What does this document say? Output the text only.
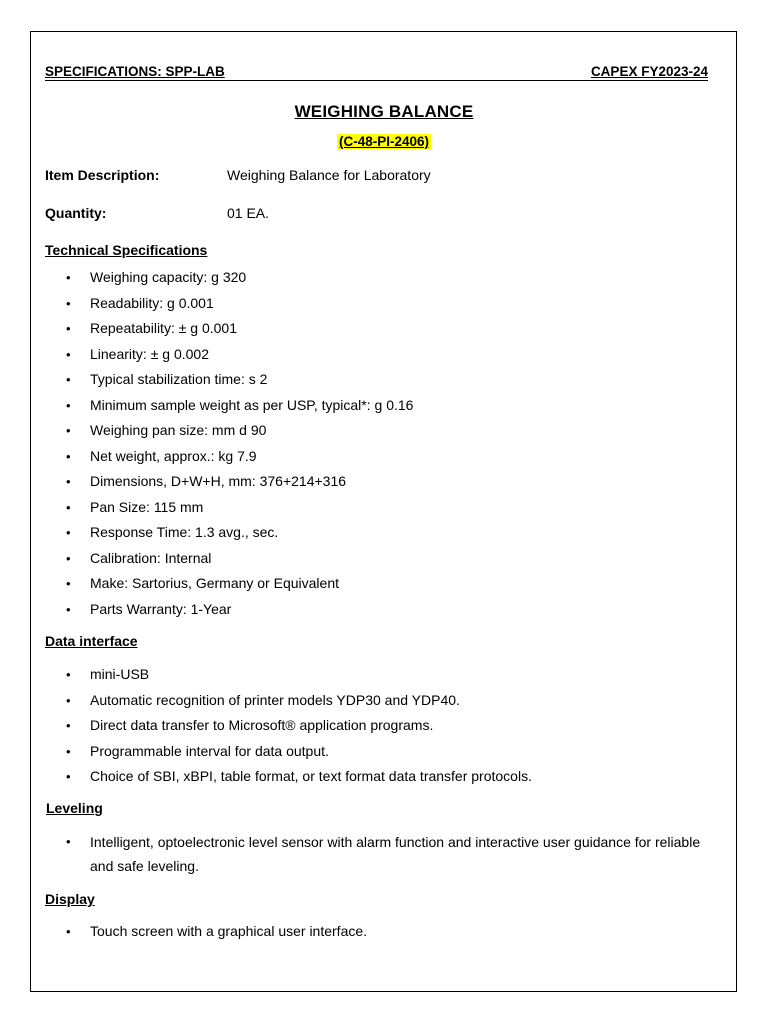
SPECIFICATIONS: SPP-LAB	CAPEX FY2023-24
WEIGHING BALANCE
(C-48-PI-2406)
Item Description:	Weighing Balance for Laboratory
Quantity:	01 EA.
Technical Specifications
• Weighing capacity: g 320
• Readability: g 0.001
• Repeatability: ± g 0.001
• Linearity: ± g 0.002
• Typical stabilization time: s 2
• Minimum sample weight as per USP, typical*: g 0.16
• Weighing pan size: mm d 90
• Net weight, approx.: kg 7.9
• Dimensions, D+W+H, mm: 376+214+316
• Pan Size: 115 mm
• Response Time: 1.3 avg., sec.
• Calibration: Internal
• Make: Sartorius, Germany or Equivalent
• Parts Warranty: 1-Year
Data interface
• mini-USB
• Automatic recognition of printer models YDP30 and YDP40.
• Direct data transfer to Microsoft® application programs.
• Programmable interval for data output.
• Choice of SBI, xBPI, table format, or text format data transfer protocols.
Leveling
• Intelligent, optoelectronic level sensor with alarm function and interactive user guidance for reliable and safe leveling.
Display
• Touch screen with a graphical user interface.
